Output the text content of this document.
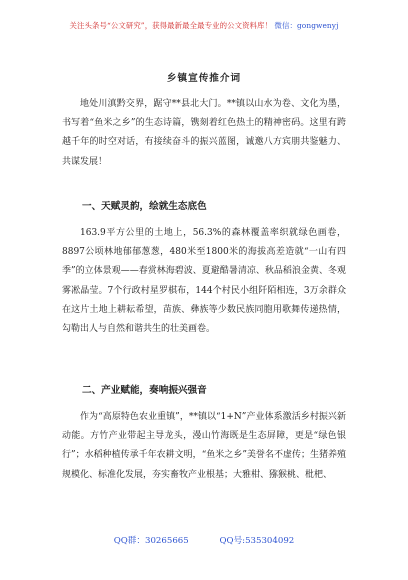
关注头条号“公文研究”，获得最新最全最专业的公文资料库！ 微信：gongwenyj
乡镇宣传推介词

地处川滇黔交界，踞守**县北大门。**镇以山水为卷、文化为墨，书写着“鱼米之乡”的生态诗篇，镌刻着红色热土的精神密码。这里有跨越千年的时空对话，有接续奋斗的振兴蓝图，诚邀八方宾朋共鉴魅力、共谋发展！

一、天赋灵韵，绘就生态底色

163.9平方公里的土地上，56.3%的森林覆盖率织就绿色画卷，8897公顷林地郁郁葱葱，480米至1800米的海拔高差造就“一山有四季”的立体景观——春赏林海碧波、夏避酷暑清凉、秋品稻浪金黄、冬观雾凇晶莹。7个行政村星罗棋布，144个村民小组阡陌相连，3万余群众在这片土地上耕耘希望，苗族、彝族等少数民族同胞用歌舞传递热情，勾勒出人与自然和谐共生的壮美画卷。

二、产业赋能，奏响振兴强音

作为“高原特色农业重镇”，**镇以“1+N”产业体系激活乡村振兴新动能。方竹产业带起主导龙头，漫山竹海既是生态屏障，更是“绿色银行”；水稻种植传承千年农耕文明，“鱼米之乡”美誉名不虚传；生猪养殖规模化、标准化发展，夯实畜牧产业根基；大雅柑、猕猴桃、枇杷、

QQ群：30265665	QQ号:535304092
